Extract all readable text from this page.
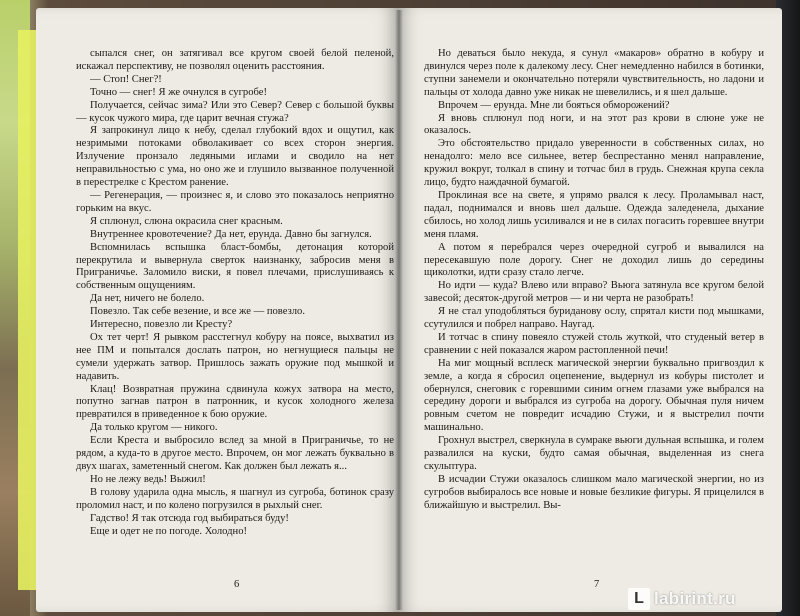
сыпался снег, он затягивал все кругом своей белой пеленой, искажал перспективу, не позволял оценить расстояния.

— Стоп! Снег?!

Точно — снег! Я же очнулся в сугробе!

Получается, сейчас зима? Или это Север? Север с большой буквы — кусок чужого мира, где царит вечная стужа?

Я запрокинул лицо к небу, сделал глубокий вдох и ощутил, как незримыми потоками обволакивает со всех сторон энергия. Излучение пронзало ледяными иглами и сводило на нет неправильностью с ума, но оно же и глушило вызванное полученной в перестрелке с Крестом ранение.

— Регенерация, — произнес я, и слово это показалось неприятно горьким на вкус.

Я сплюнул, слюна окрасила снег красным.

Внутреннее кровотечение? Да нет, ерунда. Давно бы загнулся.

Вспомнилась вспышка бласт-бомбы, детонация которой перекрутила и вывернула сверток наизнанку, забросив меня в Приграничье. Заломило виски, я повел плечами, прислушиваясь к собственным ощущениям.

Да нет, ничего не болело.

Повезло. Так себе везение, и все же — повезло.

Интересно, повезло ли Кресту?

Ох тет черт! Я рывком расстегнул кобуру на поясе, выхватил из нее ПМ и попытался дослать патрон, но негнущиеся пальцы не сумели удержать затвор. Пришлось зажать оружие под мышкой и надавить.

Клац! Возвратная пружина сдвинула кожух затвора на место, попутно загнав патрон в патронник, и кусок холодного железа превратился в приведенное к бою оружие.

Да только кругом — никого.

Если Креста и выбросило вслед за мной в Приграничье, то не рядом, а куда-то в другое место. Впрочем, он мог лежать буквально в двух шагах, заметенный снегом. Как должен был лежать я...

Но не лежу ведь! Выжил!

В голову ударила одна мысль, я шагнул из сугроба, ботинок сразу проломил наст, и по колено погрузился в рыхлый снег.

Гадство! Я так отсюда год выбираться буду!

Еще и одет не по погоде. Холодно!

6

Но деваться было некуда, я сунул «макаров» обратно в кобуру и двинулся через поле к далекому лесу. Снег немедленно набился в ботинки, ступни занемели и окончательно потеряли чувствительность, но ладони и пальцы от холода давно уже никак не шевелились, и я шел дальше.

Впрочем — ерунда. Мне ли бояться обморожений?

Я вновь сплюнул под ноги, и на этот раз крови в слюне уже не оказалось.

Это обстоятельство придало уверенности в собственных силах, но ненадолго: мело все сильнее, ветер беспрестанно менял направление, кружил вокруг, толкал в спину и тотчас бил в грудь. Снежная крупа секла лицо, будто наждачной бумагой.

Проклиная все на свете, я упрямо рвался к лесу. Проламывал наст, падал, поднимался и вновь шел дальше. Одежда заледенела, дыхание сбилось, но холод лишь усиливался и не в силах погасить горевшее внутри меня пламя.

А потом я перебрался через очередной сугроб и вывалился на пересекавшую поле дорогу. Снег не доходил лишь до середины щиколотки, идти сразу стало легче.

Но идти — куда? Влево или вправо? Вьюга затянула все кругом белой завесой; десяток-другой метров — и ни черта не разобрать!

Я не стал уподобляться буриданову ослу, спрятал кисти под мышками, ссутулился и побрел направо. Наугад.

И тотчас в спину повеяло стужей столь жуткой, что студеный ветер в сравнении с ней показался жаром растопленной печи!

На миг мощный всплеск магической энергии буквально пригвоздил к земле, а когда я сбросил оцепенение, выдернул из кобуры пистолет и обернулся, снеговик с горевшими синим огнем глазами уже выбрался на середину дороги и выбрался из сугроба на дорогу. Обычная пуля ничем ровным счетом не повредит исчадию Стужи, и я выстрелил почти машинально.

Грохнул выстрел, сверкнула в сумраке вьюги дульная вспышка, и голем развалился на куски, будто самая обычная, выделенная из снега скульптура.

В исчадии Стужи оказалось слишком мало магической энергии, но из сугробов выбиралось все новые и новые безликие фигуры. Я прицелился в ближайшую и выстрелил. Вы-

7
L labirint.ru
